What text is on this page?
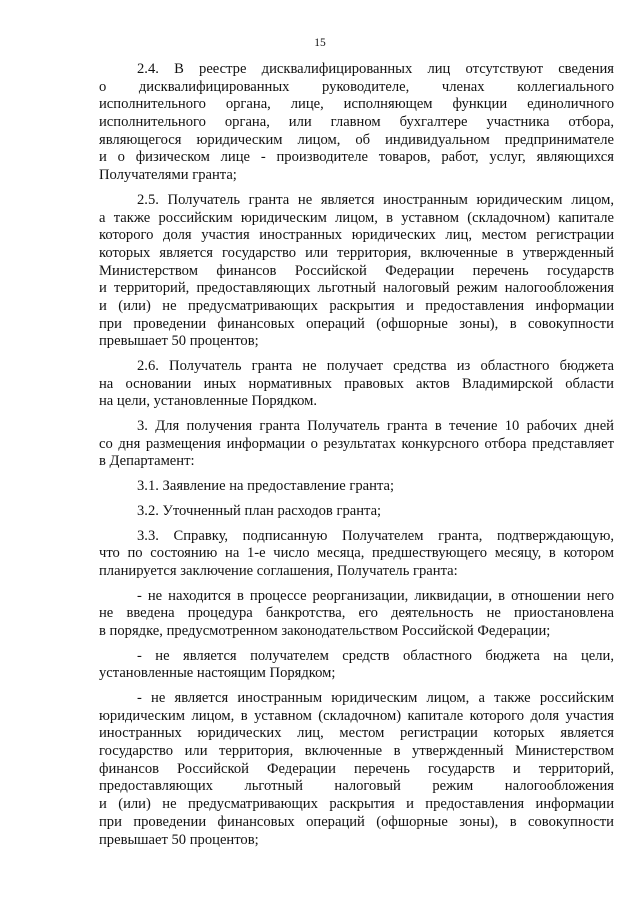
15
2.4. В реестре дисквалифицированных лиц отсутствуют сведения
о дисквалифицированных руководителе, членах коллегиального
исполнительного органа, лице, исполняющем функции единоличного
исполнительного органа, или главном бухгалтере участника отбора,
являющегося юридическим лицом, об индивидуальном предпринимателе
и о физическом лице - производителе товаров, работ, услуг, являющихся
Получателями гранта;
2.5. Получатель гранта не является иностранным юридическим лицом,
а также российским юридическим лицом, в уставном (складочном) капитале
которого доля участия иностранных юридических лиц, местом регистрации
которых является государство или территория, включенные в утвержденный
Министерством финансов Российской Федерации перечень государств
и территорий, предоставляющих льготный налоговый режим налогообложения
и (или) не предусматривающих раскрытия и предоставления информации
при проведении финансовых операций (офшорные зоны), в совокупности
превышает 50 процентов;
2.6. Получатель гранта не получает средства из областного бюджета
на основании иных нормативных правовых актов Владимирской области
на цели, установленные Порядком.
3. Для получения гранта Получатель гранта в течение 10 рабочих дней
со дня размещения информации о результатах конкурсного отбора представляет
в Департамент:
3.1. Заявление на предоставление гранта;
3.2. Уточненный план расходов гранта;
3.3. Справку, подписанную Получателем гранта, подтверждающую,
что по состоянию на 1-е число месяца, предшествующего месяцу, в котором
планируется заключение соглашения, Получатель гранта:
- не находится в процессе реорганизации, ликвидации, в отношении него
не введена процедура банкротства, его деятельность не приостановлена
в порядке, предусмотренном законодательством Российской Федерации;
- не является получателем средств областного бюджета на цели,
установленные настоящим Порядком;
- не является иностранным юридическим лицом, а также российским
юридическим лицом, в уставном (складочном) капитале которого доля участия
иностранных юридических лиц, местом регистрации которых является
государство или территория, включенные в утвержденный Министерством
финансов Российской Федерации перечень государств и территорий,
предоставляющих льготный налоговый режим налогообложения
и (или) не предусматривающих раскрытия и предоставления информации
при проведении финансовых операций (офшорные зоны), в совокупности
превышает 50 процентов;
